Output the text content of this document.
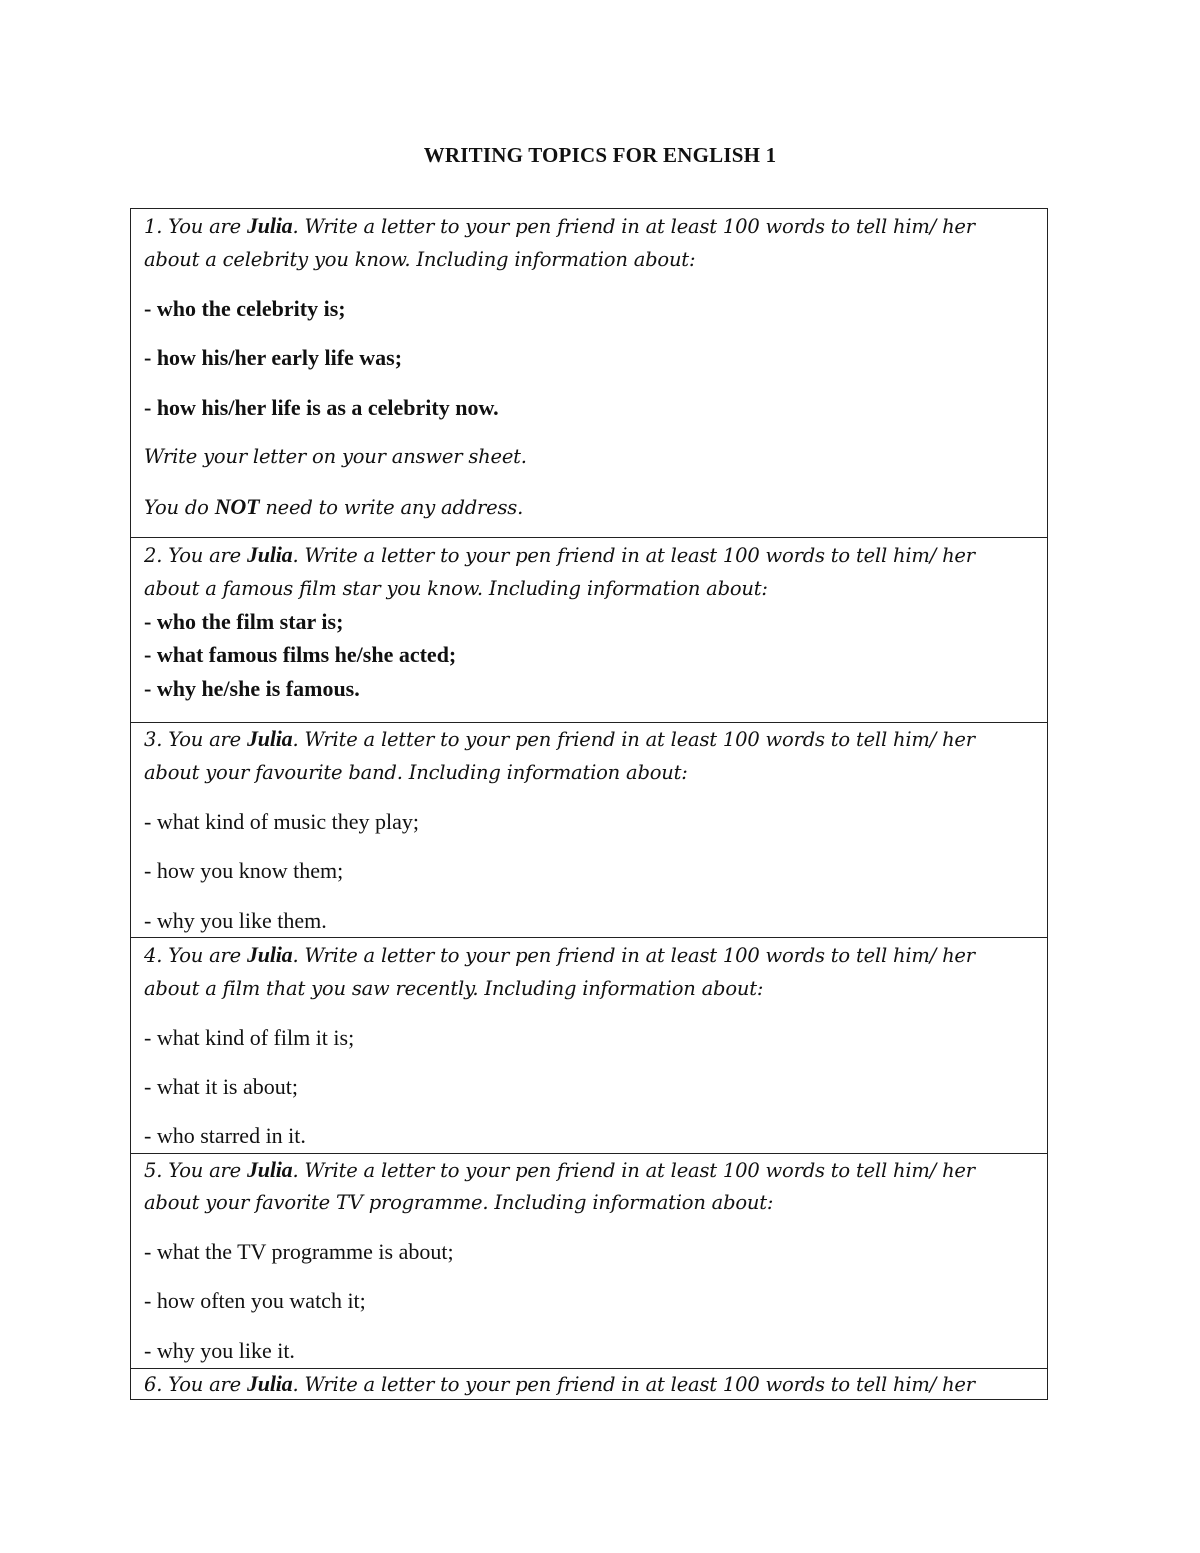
WRITING TOPICS FOR ENGLISH 1
1. You are Julia. Write a letter to your pen friend in at least 100 words to tell him/ her
about a celebrity you know. Including information about:
- who the celebrity is;
- how his/her early life was;
- how his/her life is as a celebrity now.
Write your letter on your answer sheet.
You do NOT need to write any address.
2. You are Julia. Write a letter to your pen friend in at least 100 words to tell him/ her
about a famous film star you know. Including information about:
- who the film star is;
- what famous films he/she acted;
- why he/she is famous.
3. You are Julia. Write a letter to your pen friend in at least 100 words to tell him/ her
about your favourite band. Including information about:
- what kind of music they play;
- how you know them;
- why you like them.
4. You are Julia. Write a letter to your pen friend in at least 100 words to tell him/ her
about a film that you saw recently. Including information about:
- what kind of film it is;
- what it is about;
- who starred in it.
5. You are Julia. Write a letter to your pen friend in at least 100 words to tell him/ her
about your favorite TV programme. Including information about:
- what the TV programme is about;
- how often you watch it;
- why you like it.
6. You are Julia. Write a letter to your pen friend in at least 100 words to tell him/ her
